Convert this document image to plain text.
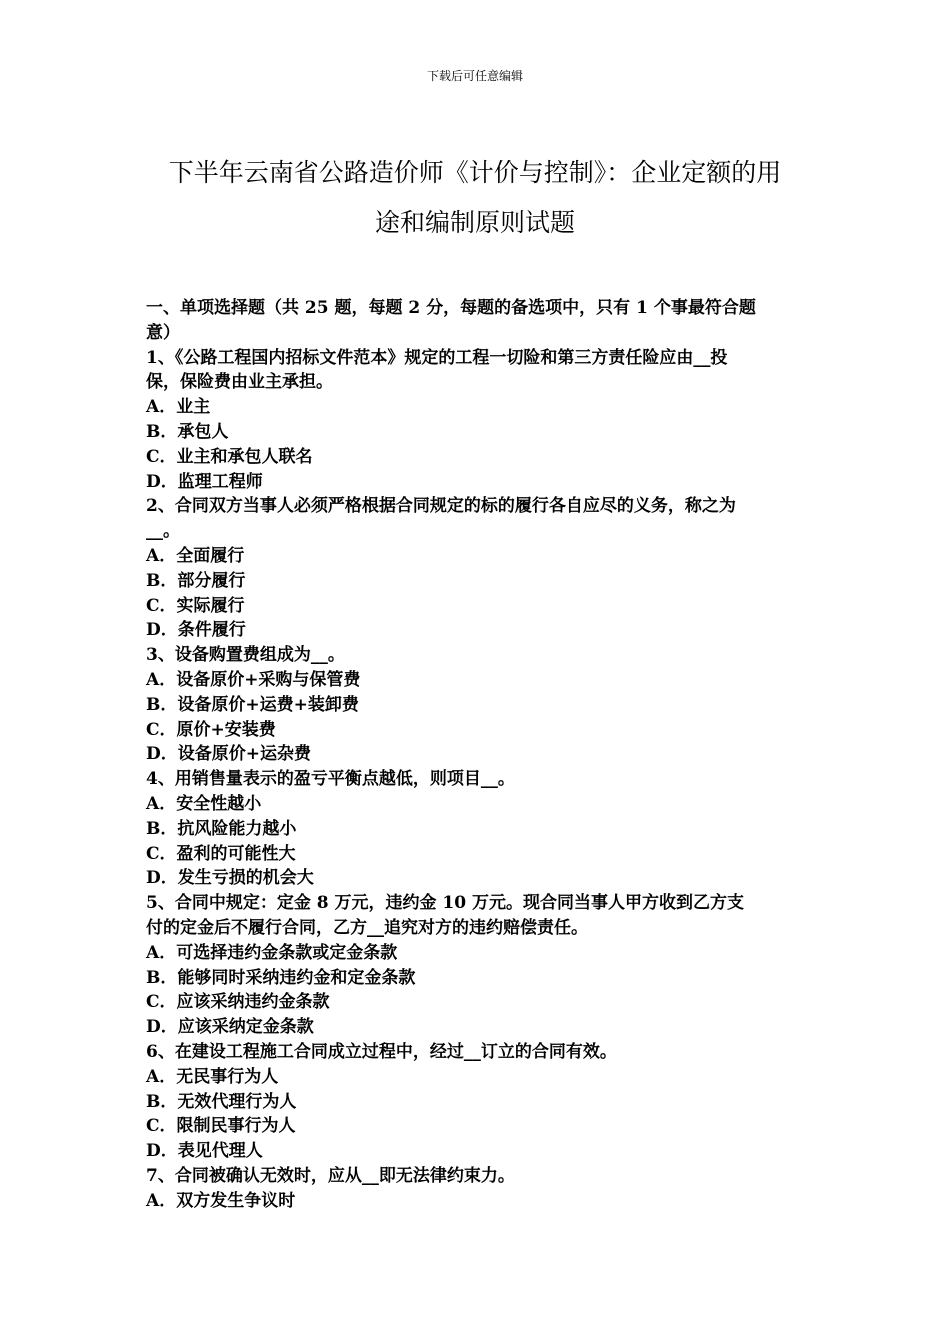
下载后可任意编辑
下半年云南省公路造价师《计价与控制》：企业定额的用
途和编制原则试题

一、单项选择题（共 25 题，每题 2 分，每题的备选项中，只有 1 个事最符合题

意）

1、《公路工程国内招标文件范本》规定的工程一切险和第三方责任险应由__投

保，保险费由业主承担。

A．业主

B．承包人

C．业主和承包人联名

D．监理工程师

2、合同双方当事人必须严格根据合同规定的标的履行各自应尽的义务，称之为

__。

A．全面履行

B．部分履行

C．实际履行

D．条件履行

3、设备购置费组成为__。

A．设备原价+采购与保管费

B．设备原价+运费+装卸费

C．原价+安装费

D．设备原价+运杂费

4、用销售量表示的盈亏平衡点越低，则项目__。

A．安全性越小

B．抗风险能力越小

C．盈利的可能性大

D．发生亏损的机会大

5、合同中规定：定金 8 万元，违约金 10 万元。现合同当事人甲方收到乙方支

付的定金后不履行合同，乙方__追究对方的违约赔偿责任。

A．可选择违约金条款或定金条款

B．能够同时采纳违约金和定金条款

C．应该采纳违约金条款

D．应该采纳定金条款

6、在建设工程施工合同成立过程中，经过__订立的合同有效。

A．无民事行为人

B．无效代理行为人

C．限制民事行为人

D．表见代理人

7、合同被确认无效时，应从__即无法律约束力。

A．双方发生争议时
